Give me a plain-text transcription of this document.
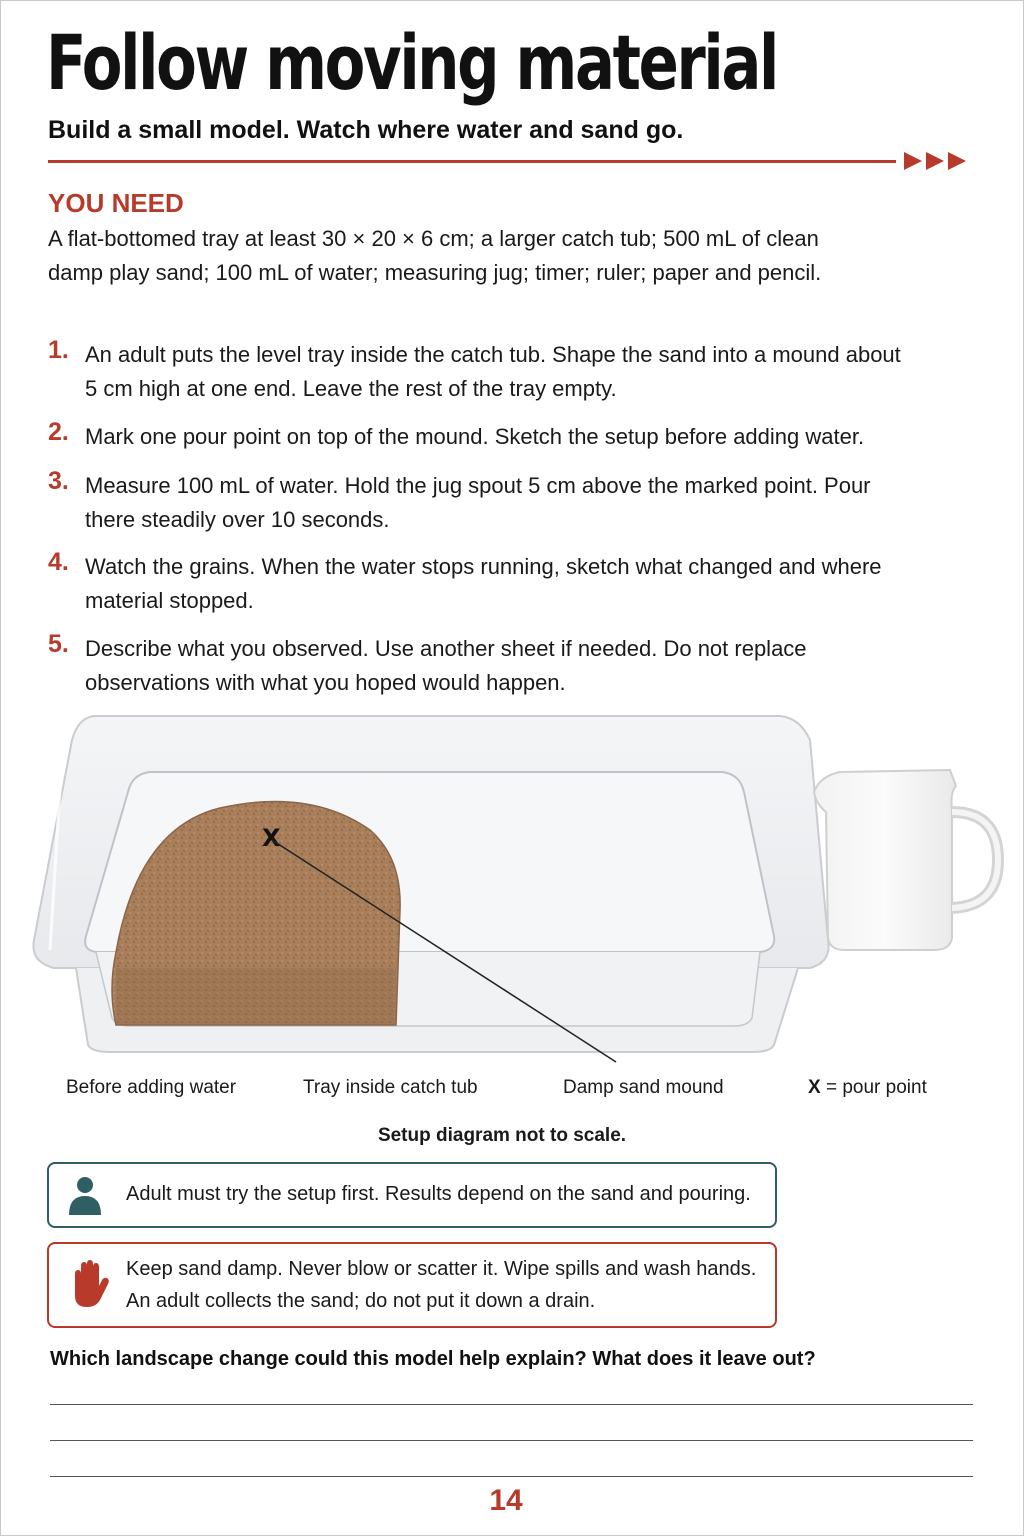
Follow moving material
Build a small model. Watch where water and sand go.
YOU NEED
A flat-bottomed tray at least 30 × 20 × 6 cm; a larger catch tub; 500 mL of clean damp play sand; 100 mL of water; measuring jug; timer; ruler; paper and pencil.
1. An adult puts the level tray inside the catch tub. Shape the sand into a mound about 5 cm high at one end. Leave the rest of the tray empty.
2. Mark one pour point on top of the mound. Sketch the setup before adding water.
3. Measure 100 mL of water. Hold the jug spout 5 cm above the marked point. Pour there steadily over 10 seconds.
4. Watch the grains. When the water stops running, sketch what changed and where material stopped.
5. Describe what you observed. Use another sheet if needed. Do not replace observations with what you hoped would happen.
X
Before adding water	Tray inside catch tub	Damp sand mound	X = pour point
Setup diagram not to scale.
Adult must try the setup first. Results depend on the sand and pouring.
Keep sand damp. Never blow or scatter it. Wipe spills and wash hands. An adult collects the sand; do not put it down a drain.
Which landscape change could this model help explain? What does it leave out?
14
